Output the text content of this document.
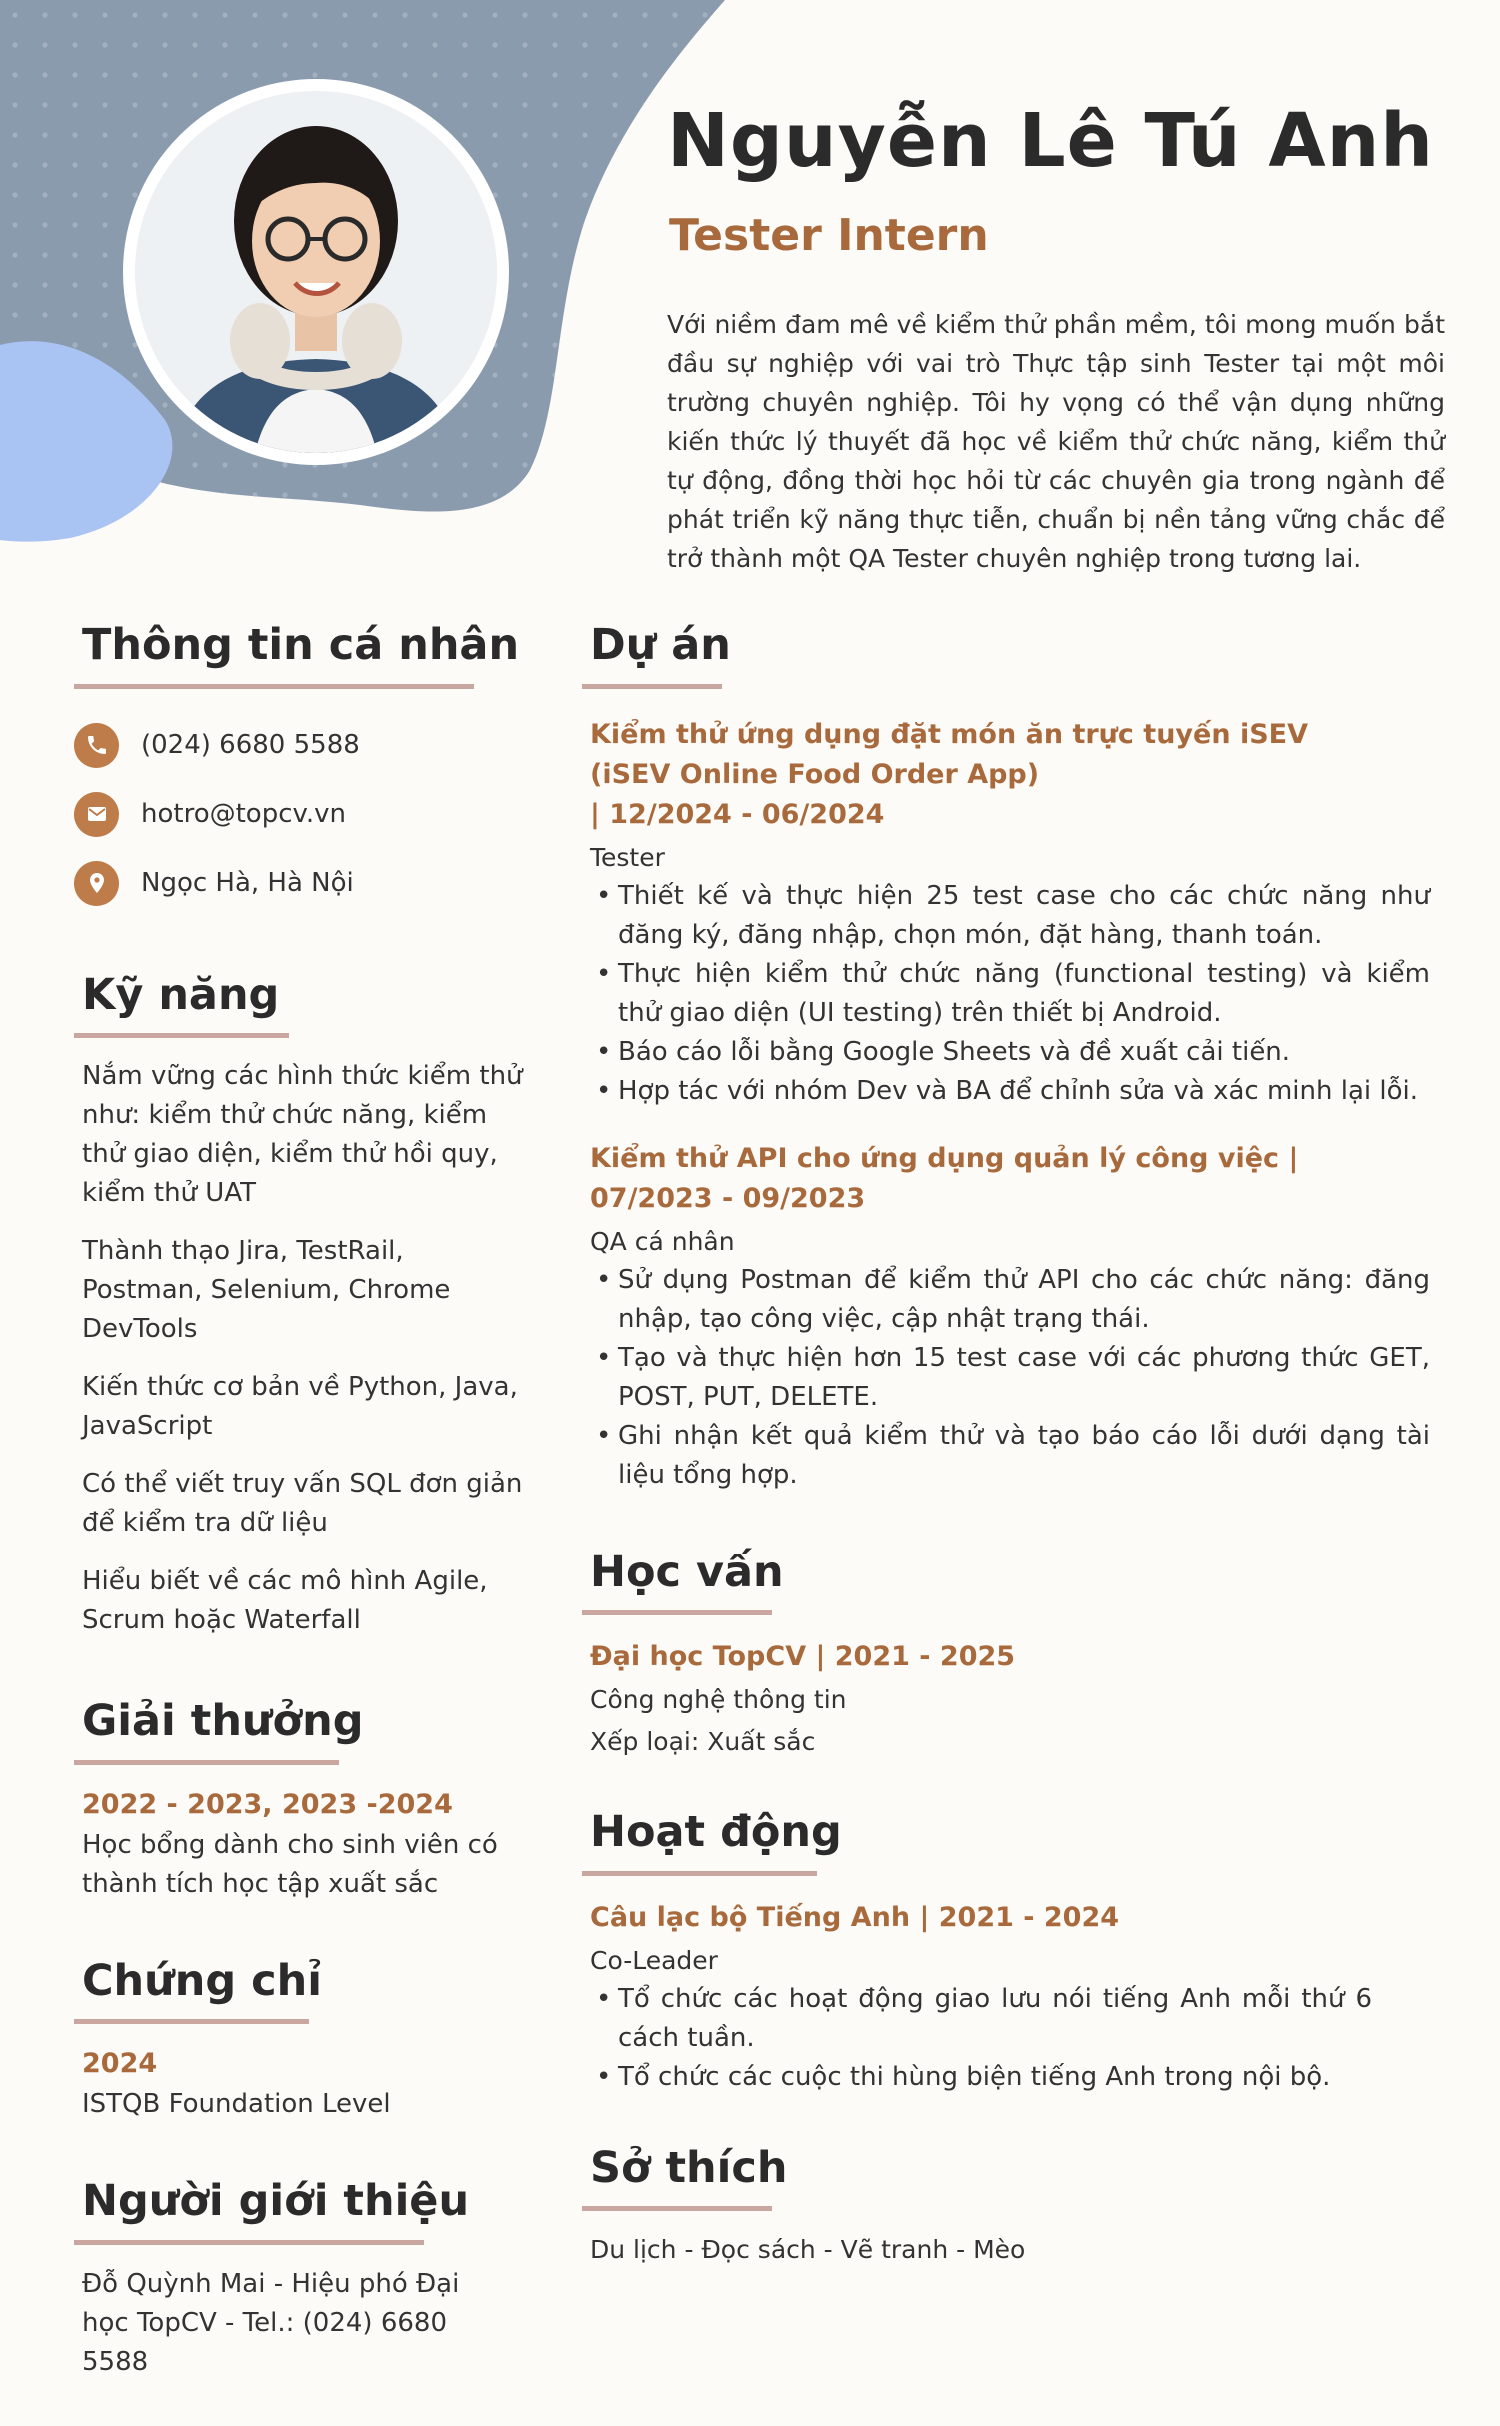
Nguyễn Lê Tú Anh
Tester Intern
Với niềm đam mê về kiểm thử phần mềm, tôi mong muốn bắt đầu sự nghiệp với vai trò Thực tập sinh Tester tại một môi trường chuyên nghiệp. Tôi hy vọng có thể vận dụng những kiến thức lý thuyết đã học về kiểm thử chức năng, kiểm thử tự động, đồng thời học hỏi từ các chuyên gia trong ngành để phát triển kỹ năng thực tiễn, chuẩn bị nền tảng vững chắc để trở thành một QA Tester chuyên nghiệp trong tương lai.
Thông tin cá nhân
(024) 6680 5588
hotro@topcv.vn
Ngọc Hà, Hà Nội
Kỹ năng
Nắm vững các hình thức kiểm thử như: kiểm thử chức năng, kiểm thử giao diện, kiểm thử hồi quy, kiểm thử UAT
Thành thạo Jira, TestRail, Postman, Selenium, Chrome DevTools
Kiến thức cơ bản về Python, Java, JavaScript
Có thể viết truy vấn SQL đơn giản để kiểm tra dữ liệu
Hiểu biết về các mô hình Agile, Scrum hoặc Waterfall
Giải thưởng
2022 - 2023, 2023 -2024
Học bổng dành cho sinh viên có thành tích học tập xuất sắc
Chứng chỉ
2024
ISTQB Foundation Level
Người giới thiệu
Đỗ Quỳnh Mai - Hiệu phó Đại học TopCV - Tel.: (024) 6680 5588
Dự án
Kiểm thử ứng dụng đặt món ăn trực tuyến iSEV (iSEV Online Food Order App)
| 12/2024 - 06/2024
Tester
• Thiết kế và thực hiện 25 test case cho các chức năng như đăng ký, đăng nhập, chọn món, đặt hàng, thanh toán.
• Thực hiện kiểm thử chức năng (functional testing) và kiểm thử giao diện (UI testing) trên thiết bị Android.
• Báo cáo lỗi bằng Google Sheets và đề xuất cải tiến.
• Hợp tác với nhóm Dev và BA để chỉnh sửa và xác minh lại lỗi.
Kiểm thử API cho ứng dụng quản lý công việc | 07/2023 - 09/2023
QA cá nhân
• Sử dụng Postman để kiểm thử API cho các chức năng: đăng nhập, tạo công việc, cập nhật trạng thái.
• Tạo và thực hiện hơn 15 test case với các phương thức GET, POST, PUT, DELETE.
• Ghi nhận kết quả kiểm thử và tạo báo cáo lỗi dưới dạng tài liệu tổng hợp.
Học vấn
Đại học TopCV | 2021 - 2025
Công nghệ thông tin
Xếp loại: Xuất sắc
Hoạt động
Câu lạc bộ Tiếng Anh | 2021 - 2024
Co-Leader
• Tổ chức các hoạt động giao lưu nói tiếng Anh mỗi thứ 6 cách tuần.
• Tổ chức các cuộc thi hùng biện tiếng Anh trong nội bộ.
Sở thích
Du lịch - Đọc sách - Vẽ tranh - Mèo
